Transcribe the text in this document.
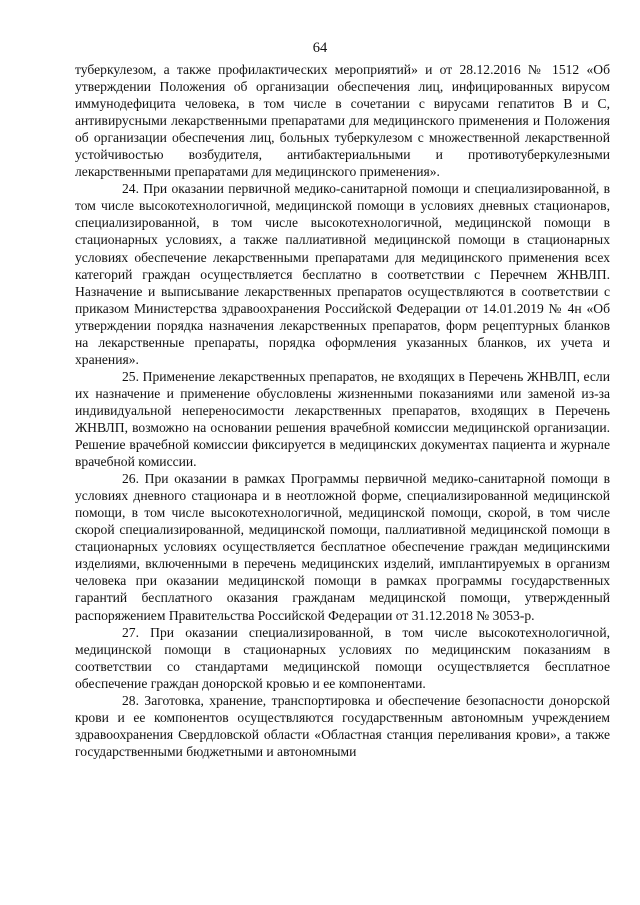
64

туберкулезом, а также профилактических мероприятий» и от 28.12.2016 № 1512 «Об утверждении Положения об организации обеспечения лиц, инфицированных вирусом иммунодефицита человека, в том числе в сочетании с вирусами гепатитов B и C, антивирусными лекарственными препаратами для медицинского применения и Положения об организации обеспечения лиц, больных туберкулезом с множественной лекарственной устойчивостью возбудителя, антибактериальными и противотуберкулезными лекарственными препаратами для медицинского применения».

24. При оказании первичной медико-санитарной помощи и специализированной, в том числе высокотехнологичной, медицинской помощи в условиях дневных стационаров, специализированной, в том числе высокотехнологичной, медицинской помощи в стационарных условиях, а также паллиативной медицинской помощи в стационарных условиях обеспечение лекарственными препаратами для медицинского применения всех категорий граждан осуществляется бесплатно в соответствии с Перечнем ЖНВЛП. Назначение и выписывание лекарственных препаратов осуществляются в соответствии с приказом Министерства здравоохранения Российской Федерации от 14.01.2019 № 4н «Об утверждении порядка назначения лекарственных препаратов, форм рецептурных бланков на лекарственные препараты, порядка оформления указанных бланков, их учета и хранения».

25. Применение лекарственных препаратов, не входящих в Перечень ЖНВЛП, если их назначение и применение обусловлены жизненными показаниями или заменой из-за индивидуальной непереносимости лекарственных препаратов, входящих в Перечень ЖНВЛП, возможно на основании решения врачебной комиссии медицинской организации. Решение врачебной комиссии фиксируется в медицинских документах пациента и журнале врачебной комиссии.

26. При оказании в рамках Программы первичной медико-санитарной помощи в условиях дневного стационара и в неотложной форме, специализированной медицинской помощи, в том числе высокотехнологичной, медицинской помощи, скорой, в том числе скорой специализированной, медицинской помощи, паллиативной медицинской помощи в стационарных условиях осуществляется бесплатное обеспечение граждан медицинскими изделиями, включенными в перечень медицинских изделий, имплантируемых в организм человека при оказании медицинской помощи в рамках программы государственных гарантий бесплатного оказания гражданам медицинской помощи, утвержденный распоряжением Правительства Российской Федерации от 31.12.2018 № 3053-р.

27. При оказании специализированной, в том числе высокотехнологичной, медицинской помощи в стационарных условиях по медицинским показаниям в соответствии со стандартами медицинской помощи осуществляется бесплатное обеспечение граждан донорской кровью и ее компонентами.

28. Заготовка, хранение, транспортировка и обеспечение безопасности донорской крови и ее компонентов осуществляются государственным автономным учреждением здравоохранения Свердловской области «Областная станция переливания крови», а также государственными бюджетными и автономными
